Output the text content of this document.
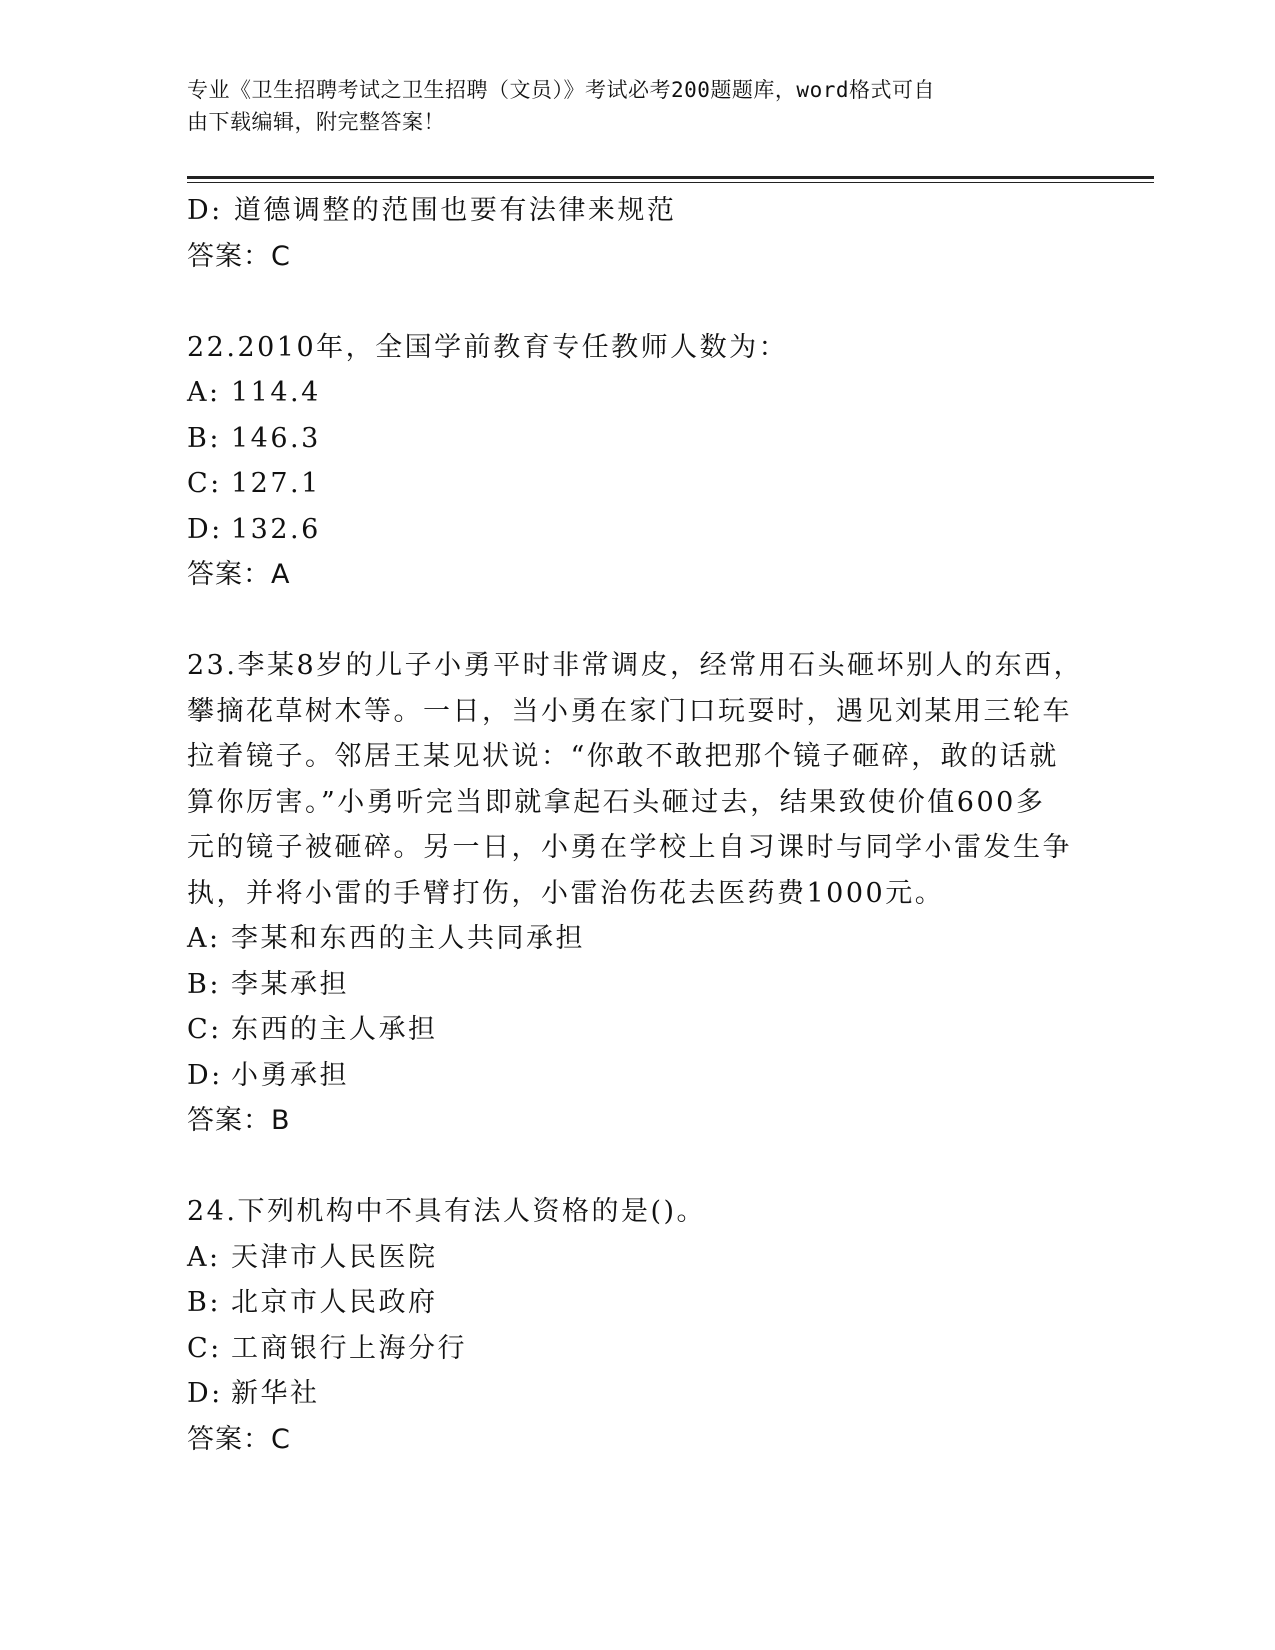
专业《卫生招聘考试之卫生招聘（文员）》考试必考200题题库，word格式可自
由下载编辑，附完整答案！

D: 道德调整的范围也要有法律来规范

答案：C

22.2010年，全国学前教育专任教师人数为：

A: 114.4

B: 146.3

C: 127.1

D: 132.6

答案：A

23.李某8岁的儿子小勇平时非常调皮，经常用石头砸坏别人的东西，

攀摘花草树木等。一日，当小勇在家门口玩耍时，遇见刘某用三轮车

拉着镜子。邻居王某见状说：“你敢不敢把那个镜子砸碎，敢的话就

算你厉害。”小勇听完当即就拿起石头砸过去，结果致使价值600多

元的镜子被砸碎。另一日，小勇在学校上自习课时与同学小雷发生争

执，并将小雷的手臂打伤，小雷治伤花去医药费1000元。

A: 李某和东西的主人共同承担

B: 李某承担

C: 东西的主人承担

D: 小勇承担

答案：B

24.下列机构中不具有法人资格的是()。

A: 天津市人民医院

B: 北京市人民政府

C: 工商银行上海分行

D: 新华社

答案：C
